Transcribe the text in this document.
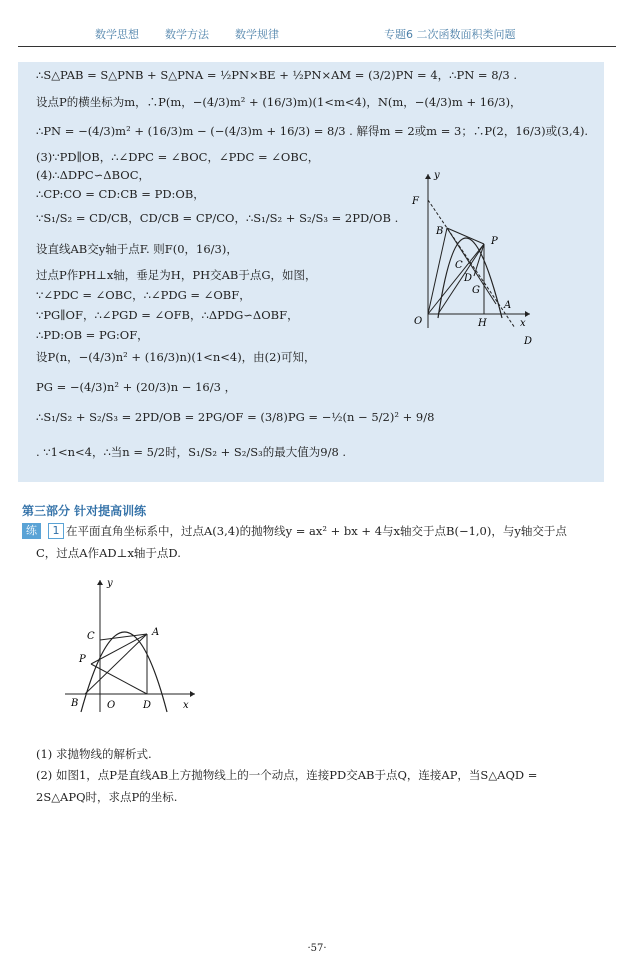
数学思想 数学方法 数学规律	专题6 二次函数面积类问题
∴S△PAB = S△PNB + S△PNA = ½PN×BE + ½PN×AM = (3/2)PN = 4，∴PN = 8/3 .
设点P的横坐标为m，∴P(m，−(4/3)m² + (16/3)m)(1<m<4)，N(m，−(4/3)m + 16/3)，
∴PN = −(4/3)m² + (16/3)m − (−(4/3)m + 16/3) = 8/3 . 解得m = 2或m = 3；∴P(2，16/3)或(3,4).
(3)∵PD∥OB，∴∠DPC = ∠BOC，∠PDC = ∠OBC，
(4)∴ΔDPC∽ΔBOC，
∴CP:CO = CD:CB = PD:OB，
∵S₁/S₂ = CD/CB，CD/CB = CP/CO，∴S₁/S₂ + S₂/S₃ = 2PD/OB .
设直线AB交y轴于点F. 则F(0，16/3)，
过点P作PH⊥x轴，垂足为H，PH交AB于点G，如图，
∵∠PDC = ∠OBC，∴∠PDG = ∠OBF，
∵PG∥OF，∴∠PGD = ∠OFB，∴ΔPDG∽ΔOBF，
∴PD:OB = PG:OF，
设P(n，−(4/3)n² + (16/3)n)(1<n<4)，由(2)可知，
PG = −(4/3)n² + (20/3)n − 16/3 ，
∴S₁/S₂ + S₂/S₃ = 2PD/OB = 2PG/OF = (3/8)PG = −½(n − 5/2)² + 9/8
. ∵1<n<4，∴当n = 5/2时，S₁/S₂ + S₂/S₃的最大值为9/8 .
y
F
B
P
C
D
G
A
O	H	x
D
第三部分 针对提高训练
练	1 在平面直角坐标系中，过点A(3,4)的抛物线y = ax² + bx + 4与x轴交于点B(−1,0)，与y轴交于点
C，过点A作AD⊥x轴于点D.
y
C	A
P
B	O	D	x
(1) 求抛物线的解析式.
(2) 如图1，点P是直线AB上方抛物线上的一个动点，连接PD交AB于点Q，连接AP，当S△AQD =
2S△APQ时，求点P的坐标.
·57·
